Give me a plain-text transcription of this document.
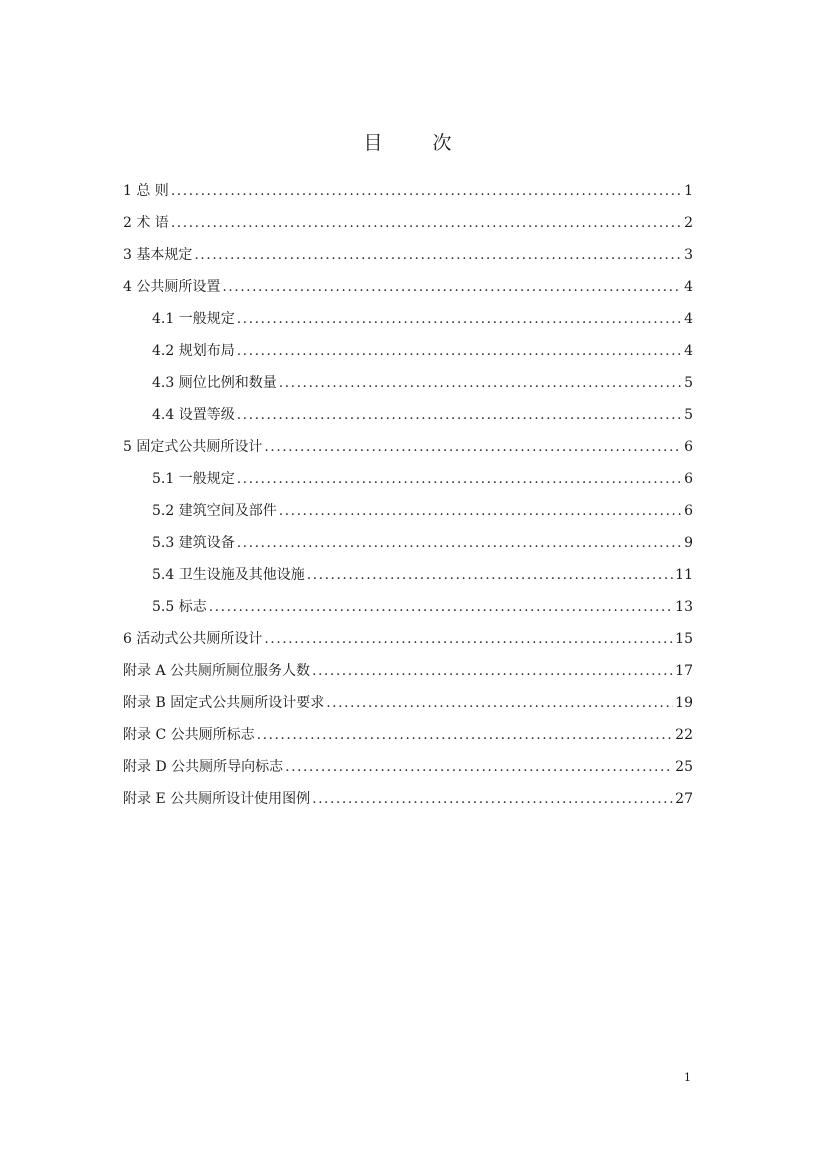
目 次
1 总 则 .....	1
2 术 语 .....	2
3 基本规定 .....	3
4 公共厕所设置 .....	4
4.1 一般规定 .....	4
4.2 规划布局 .....	4
4.3 厕位比例和数量 .....	5
4.4 设置等级 .....	5
5 固定式公共厕所设计 .....	6
5.1 一般规定 .....	6
5.2 建筑空间及部件 .....	6
5.3 建筑设备 .....	9
5.4 卫生设施及其他设施 .....	11
5.5 标志 .....	13
6 活动式公共厕所设计 .....	15
附录 A 公共厕所厕位服务人数 .....	17
附录 B 固定式公共厕所设计要求 .....	19
附录 C 公共厕所标志 .....	22
附录 D 公共厕所导向标志 .....	25
附录 E 公共厕所设计使用图例 .....	27
1
